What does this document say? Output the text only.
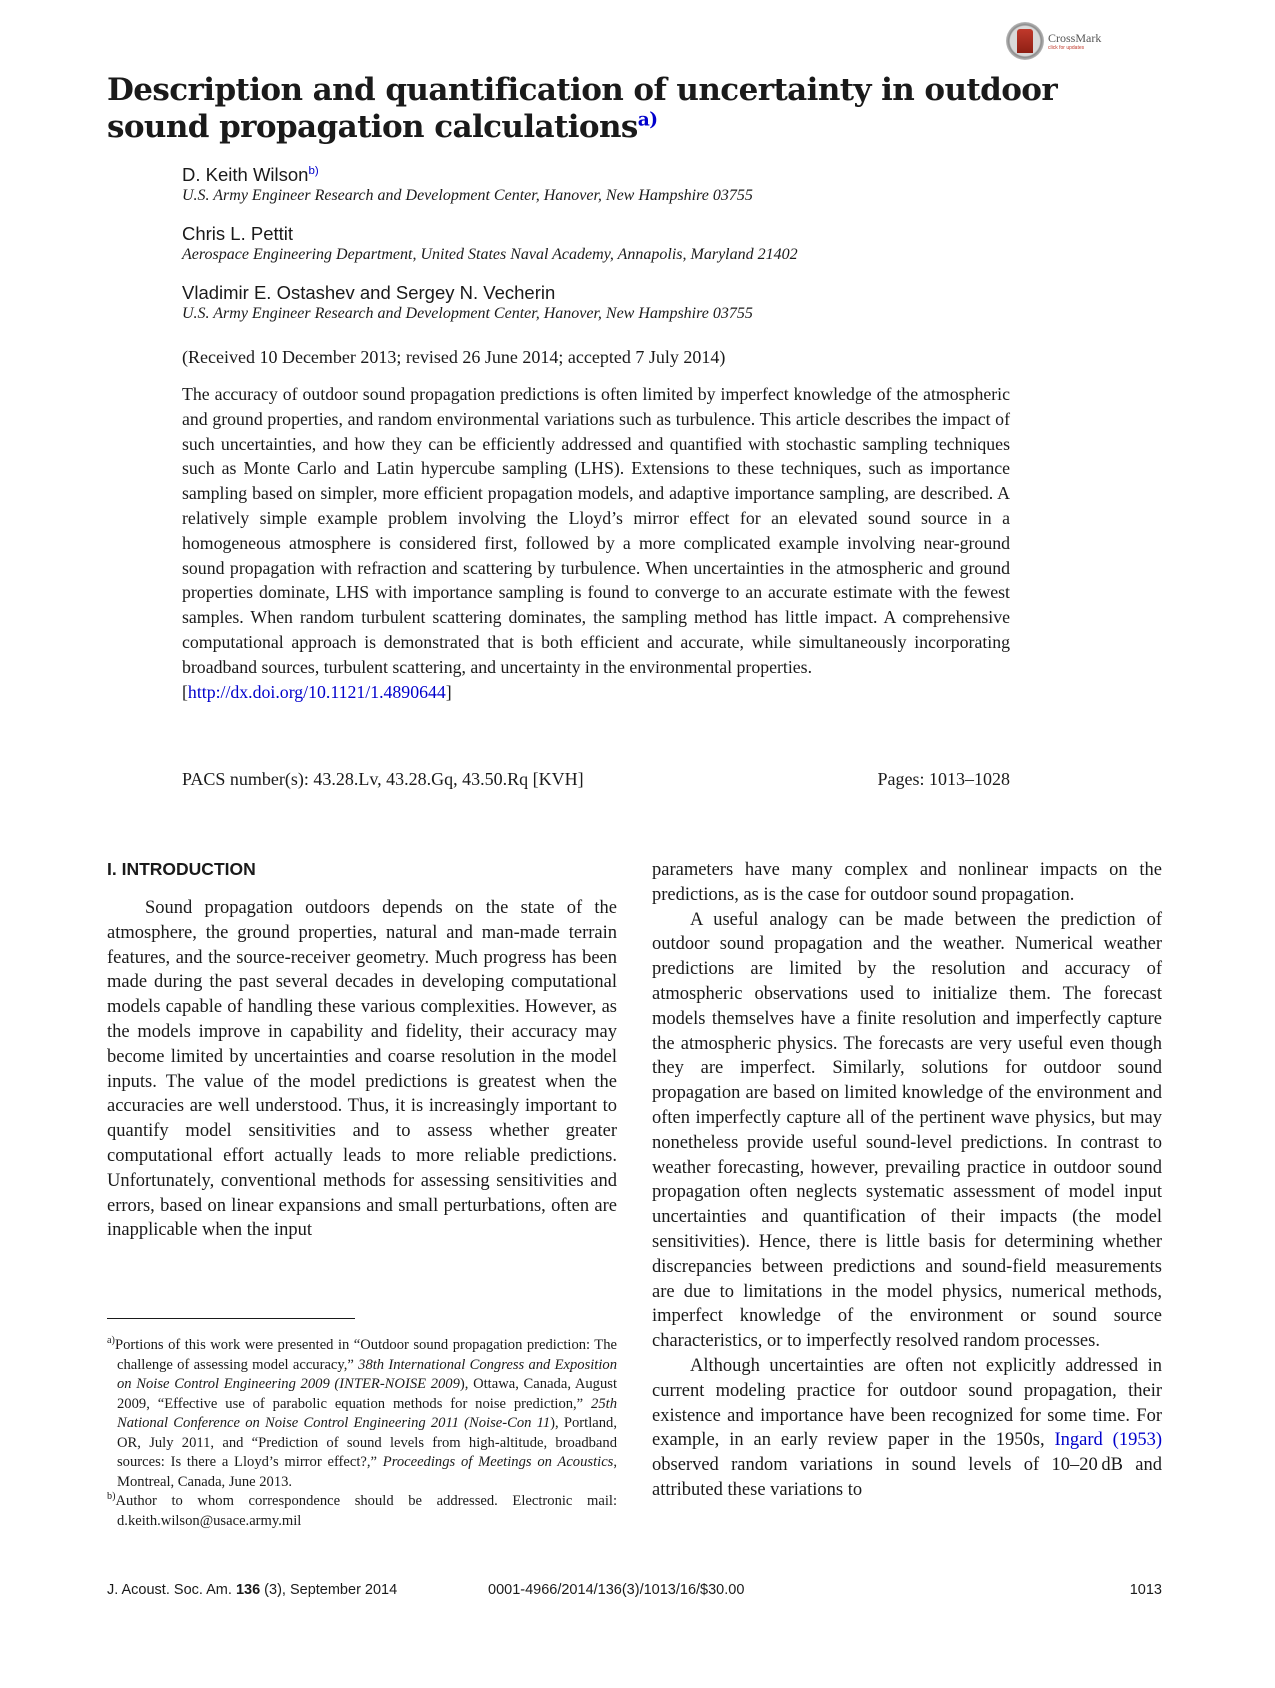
CrossMark
click for updates
Description and quantification of uncertainty in outdoor sound propagation calculations$^{a)}$
D. Keith Wilson$^{b)}$
U.S. Army Engineer Research and Development Center, Hanover, New Hampshire 03755
Chris L. Pettit
Aerospace Engineering Department, United States Naval Academy, Annapolis, Maryland 21402
Vladimir E. Ostashev and Sergey N. Vecherin
U.S. Army Engineer Research and Development Center, Hanover, New Hampshire 03755
(Received 10 December 2013; revised 26 June 2014; accepted 7 July 2014)
The accuracy of outdoor sound propagation predictions is often limited by imperfect knowledge of the atmospheric and ground properties, and random environmental variations such as turbulence. This article describes the impact of such uncertainties, and how they can be efficiently addressed and quantified with stochastic sampling techniques such as Monte Carlo and Latin hypercube sampling (LHS). Extensions to these techniques, such as importance sampling based on simpler, more efficient propagation models, and adaptive importance sampling, are described. A relatively simple example problem involving the Lloyd’s mirror effect for an elevated sound source in a homogeneous atmosphere is considered first, followed by a more complicated example involving near-ground sound propagation with refraction and scattering by turbulence. When uncertainties in the atmospheric and ground properties dominate, LHS with importance sampling is found to converge to an accurate estimate with the fewest samples. When random turbulent scattering dominates, the sampling method has little impact. A comprehensive computational approach is demonstrated that is both efficient and accurate, while simultaneously incorporating broadband sources, turbulent scattering, and uncertainty in the environmental properties.
[http://dx.doi.org/10.1121/1.4890644]
PACS number(s): 43.28.Lv, 43.28.Gq, 43.50.Rq [KVH]	Pages: 1013–1028
I. INTRODUCTION

Sound propagation outdoors depends on the state of the atmosphere, the ground properties, natural and man-made terrain features, and the source-receiver geometry. Much progress has been made during the past several decades in developing computational models capable of handling these various complexities. However, as the models improve in capability and fidelity, their accuracy may become limited by uncertainties and coarse resolution in the model inputs. The value of the model predictions is greatest when the accuracies are well understood. Thus, it is increasingly important to quantify model sensitivities and to assess whether greater computational effort actually leads to more reliable predictions. Unfortunately, conventional methods for assessing sensitivities and errors, based on linear expansions and small perturbations, often are inapplicable when the input

parameters have many complex and nonlinear impacts on the predictions, as is the case for outdoor sound propagation.

A useful analogy can be made between the prediction of outdoor sound propagation and the weather. Numerical weather predictions are limited by the resolution and accuracy of atmospheric observations used to initialize them. The forecast models themselves have a finite resolution and imperfectly capture the atmospheric physics. The forecasts are very useful even though they are imperfect. Similarly, solutions for outdoor sound propagation are based on limited knowledge of the environment and often imperfectly capture all of the pertinent wave physics, but may nonetheless provide useful sound-level predictions. In contrast to weather forecasting, however, prevailing practice in outdoor sound propagation often neglects systematic assessment of model input uncertainties and quantification of their impacts (the model sensitivities). Hence, there is little basis for determining whether discrepancies between predictions and sound-field measurements are due to limitations in the model physics, numerical methods, imperfect knowledge of the environment or sound source characteristics, or to imperfectly resolved random processes.

Although uncertainties are often not explicitly addressed in current modeling practice for outdoor sound propagation, their existence and importance have been recognized for some time. For example, in an early review paper in the 1950s, Ingard (1953) observed random variations in sound levels of 10–20 dB and attributed these variations to

$^{a)}$Portions of this work were presented in “Outdoor sound propagation prediction: The challenge of assessing model accuracy,” 38th International Congress and Exposition on Noise Control Engineering 2009 (INTER-NOISE 2009), Ottawa, Canada, August 2009, “Effective use of parabolic equation methods for noise prediction,” 25th National Conference on Noise Control Engineering 2011 (Noise-Con 11), Portland, OR, July 2011, and “Prediction of sound levels from high-altitude, broadband sources: Is there a Lloyd’s mirror effect?,” Proceedings of Meetings on Acoustics, Montreal, Canada, June 2013.

$^{b)}$Author to whom correspondence should be addressed. Electronic mail: d.keith.wilson@usace.army.mil

J. Acoust. Soc. Am. 136 (3), September 2014	0001-4966/2014/136(3)/1013/16/$30.00	1013
